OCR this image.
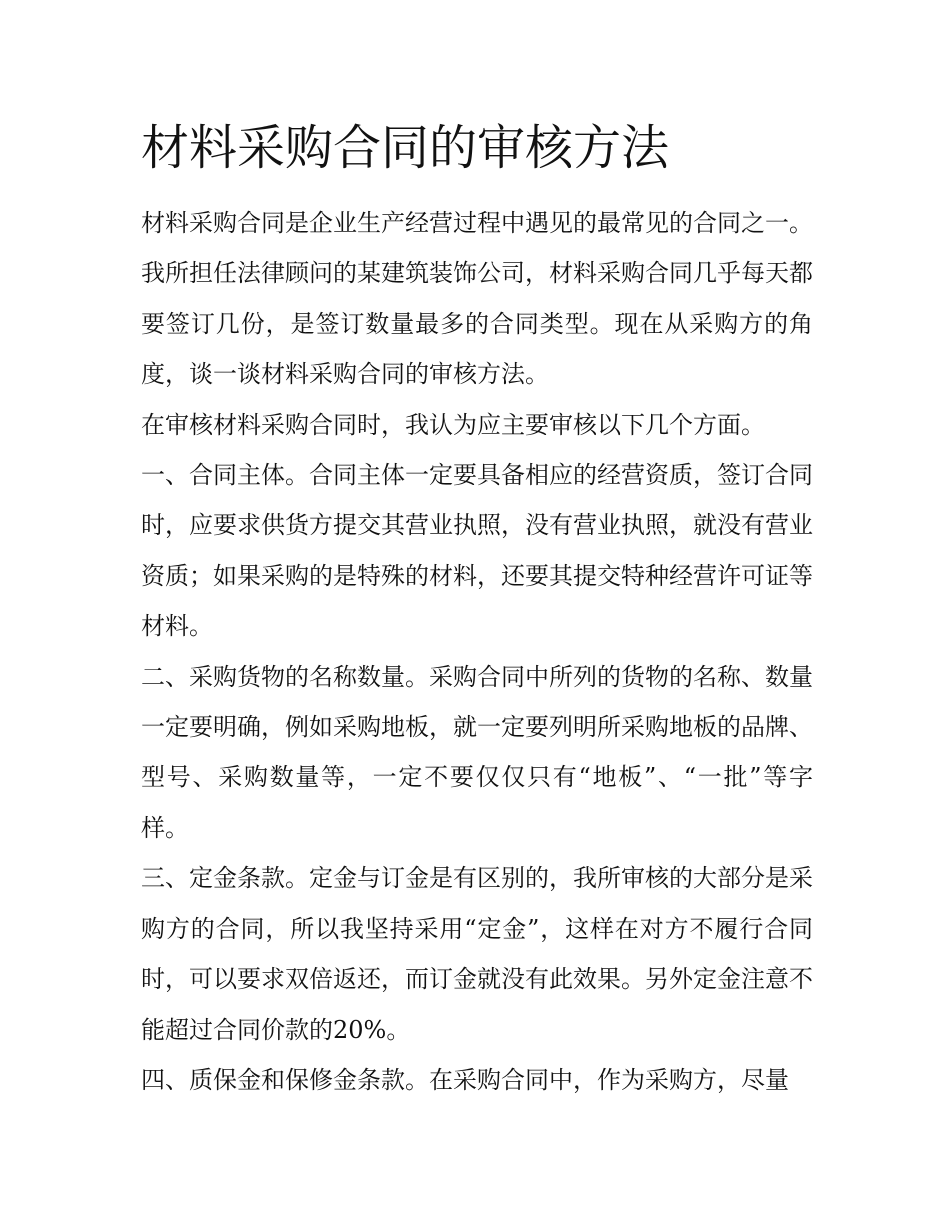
材料采购合同的审核方法

材料采购合同是企业生产经营过程中遇见的最常见的合同之一。我所担任法律顾问的某建筑装饰公司，材料采购合同几乎每天都要签订几份，是签订数量最多的合同类型。现在从采购方的角度，谈一谈材料采购合同的审核方法。

在审核材料采购合同时，我认为应主要审核以下几个方面。

一、合同主体。合同主体一定要具备相应的经营资质，签订合同时，应要求供货方提交其营业执照，没有营业执照，就没有营业资质；如果采购的是特殊的材料，还要其提交特种经营许可证等材料。

二、采购货物的名称数量。采购合同中所列的货物的名称、数量一定要明确，例如采购地板，就一定要列明所采购地板的品牌、型号、采购数量等，一定不要仅仅只有“地板”、“一批”等字样。

三、定金条款。定金与订金是有区别的，我所审核的大部分是采购方的合同，所以我坚持采用“定金”，这样在对方不履行合同时，可以要求双倍返还，而订金就没有此效果。另外定金注意不能超过合同价款的20%。

四、质保金和保修金条款。在采购合同中，作为采购方，尽量
